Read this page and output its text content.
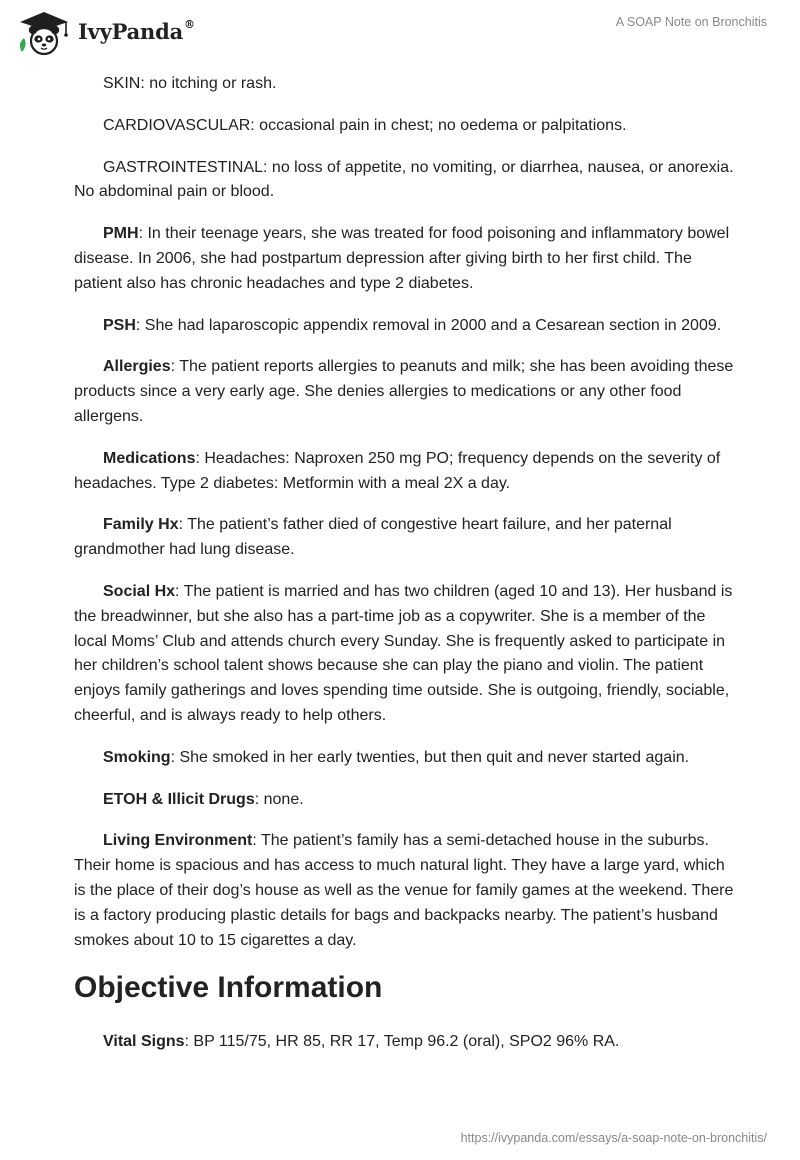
IvyPanda®	A SOAP Note on Bronchitis

SKIN: no itching or rash.

CARDIOVASCULAR: occasional pain in chest; no oedema or palpitations.

GASTROINTESTINAL: no loss of appetite, no vomiting, or diarrhea, nausea, or anorexia. No abdominal pain or blood.

PMH: In their teenage years, she was treated for food poisoning and inflammatory bowel disease. In 2006, she had postpartum depression after giving birth to her first child. The patient also has chronic headaches and type 2 diabetes.

PSH: She had laparoscopic appendix removal in 2000 and a Cesarean section in 2009.

Allergies: The patient reports allergies to peanuts and milk; she has been avoiding these products since a very early age. She denies allergies to medications or any other food allergens.

Medications: Headaches: Naproxen 250 mg PO; frequency depends on the severity of headaches. Type 2 diabetes: Metformin with a meal 2X a day.

Family Hx: The patient’s father died of congestive heart failure, and her paternal grandmother had lung disease.

Social Hx: The patient is married and has two children (aged 10 and 13). Her husband is the breadwinner, but she also has a part-time job as a copywriter. She is a member of the local Moms’ Club and attends church every Sunday. She is frequently asked to participate in her children’s school talent shows because she can play the piano and violin. The patient enjoys family gatherings and loves spending time outside. She is outgoing, friendly, sociable, cheerful, and is always ready to help others.

Smoking: She smoked in her early twenties, but then quit and never started again.

ETOH & Illicit Drugs: none.

Living Environment: The patient’s family has a semi-detached house in the suburbs. Their home is spacious and has access to much natural light. They have a large yard, which is the place of their dog’s house as well as the venue for family games at the weekend. There is a factory producing plastic details for bags and backpacks nearby. The patient’s husband smokes about 10 to 15 cigarettes a day.

Objective Information

Vital Signs: BP 115/75, HR 85, RR 17, Temp 96.2 (oral), SPO2 96% RA.

https://ivypanda.com/essays/a-soap-note-on-bronchitis/
